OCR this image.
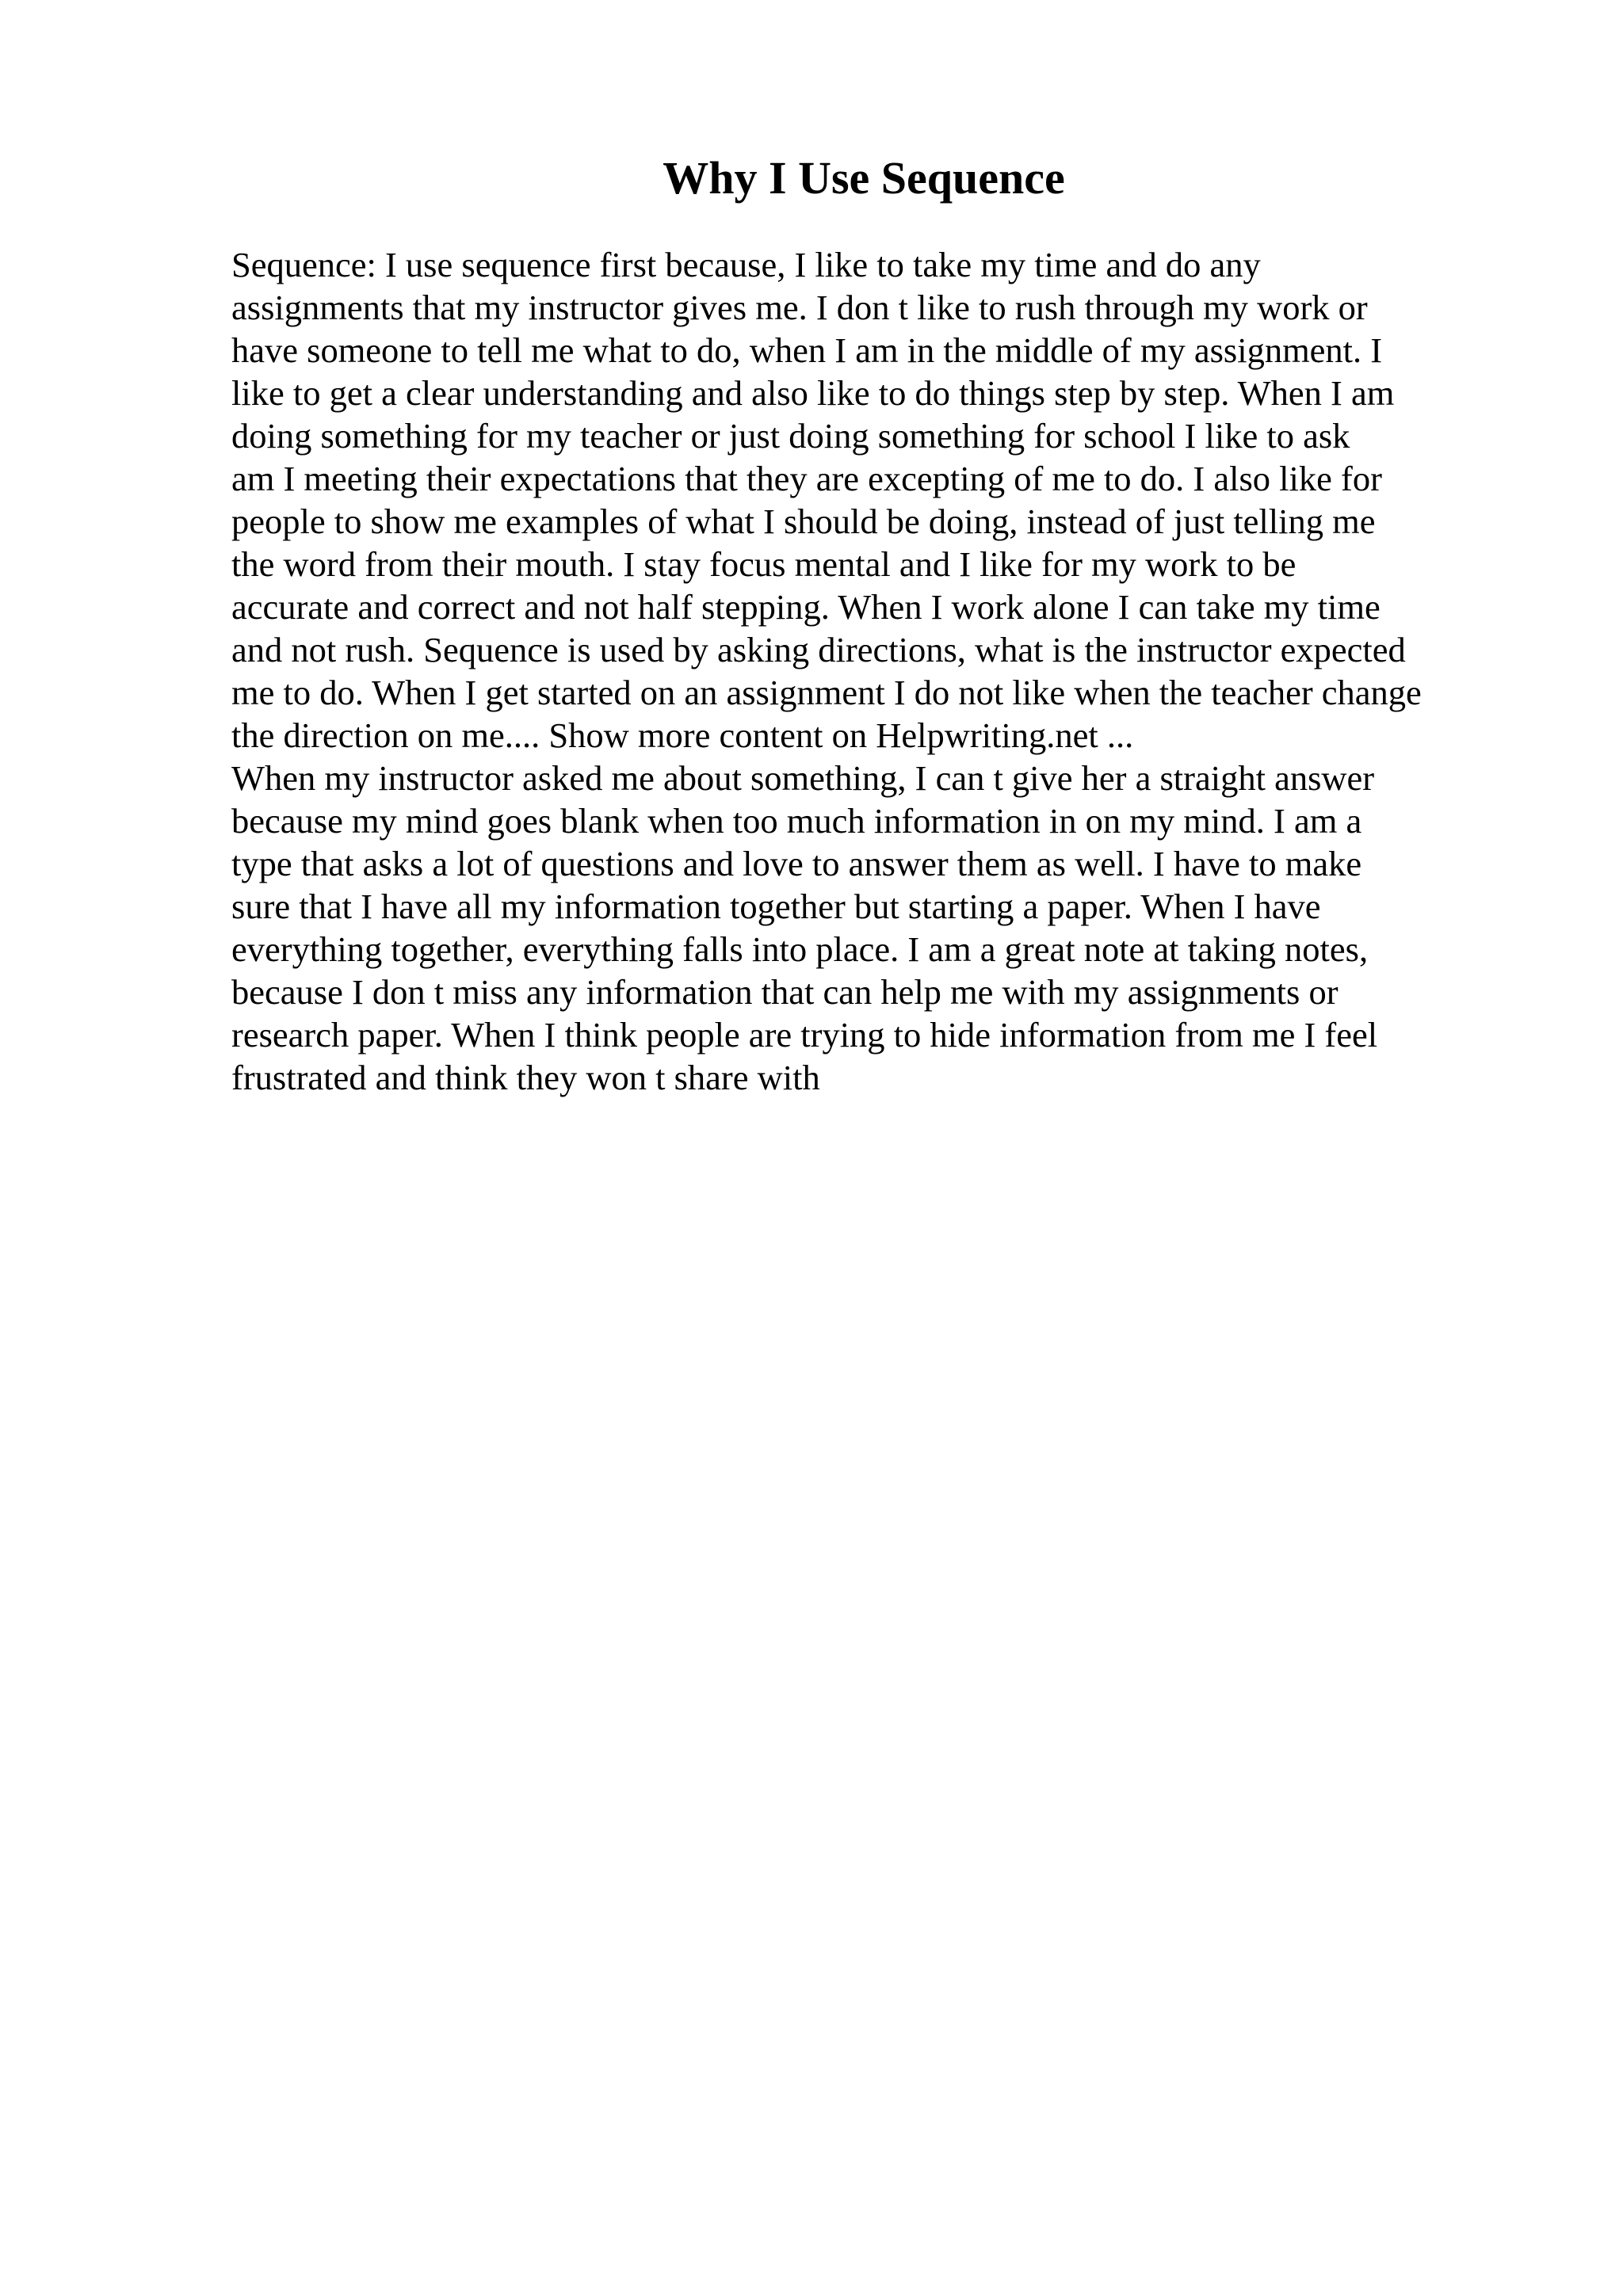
Why I Use Sequence
Sequence: I use sequence first because, I like to take my time and do any
assignments that my instructor gives me. I don t like to rush through my work or
have someone to tell me what to do, when I am in the middle of my assignment. I
like to get a clear understanding and also like to do things step by step. When I am
doing something for my teacher or just doing something for school I like to ask
am I meeting their expectations that they are excepting of me to do. I also like for
people to show me examples of what I should be doing, instead of just telling me
the word from their mouth. I stay focus mental and I like for my work to be
accurate and correct and not half stepping. When I work alone I can take my time
and not rush. Sequence is used by asking directions, what is the instructor expected
me to do. When I get started on an assignment I do not like when the teacher change
the direction on me.... Show more content on Helpwriting.net ...
When my instructor asked me about something, I can t give her a straight answer
because my mind goes blank when too much information in on my mind. I am a
type that asks a lot of questions and love to answer them as well. I have to make
sure that I have all my information together but starting a paper. When I have
everything together, everything falls into place. I am a great note at taking notes,
because I don t miss any information that can help me with my assignments or
research paper. When I think people are trying to hide information from me I feel
frustrated and think they won t share with
